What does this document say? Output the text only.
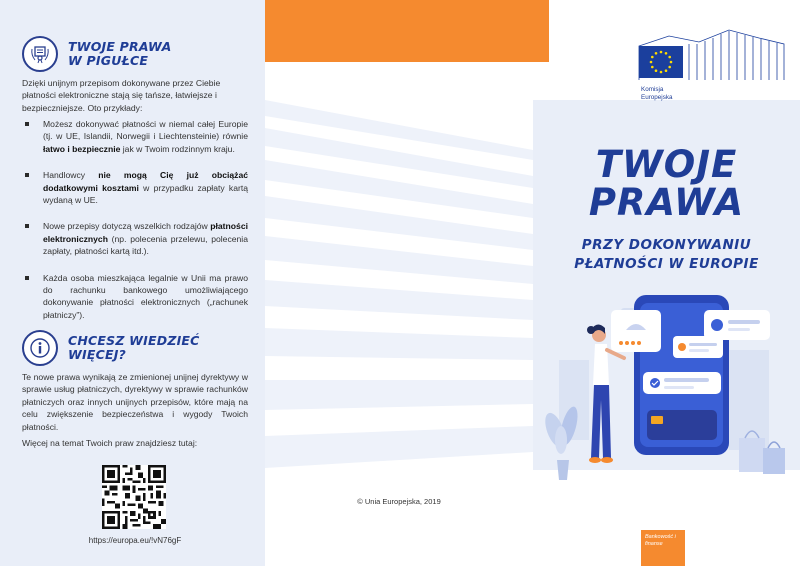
TWOJE PRAWA
W PIGUŁCE

Dzięki unijnym przepisom dokonywane przez Ciebie płatności elektroniczne stają się tańsze, łatwiejsze i bezpieczniejsze. Oto przykłady:

Możesz dokonywać płatności w niemal całej Europie (tj. w UE, Islandii, Norwegii i Liechtensteinie) równie łatwo i bezpiecznie jak w Twoim rodzinnym kraju.
Handlowcy nie mogą Cię już obciążać dodatkowymi kosztami w przypadku zapłaty kartą wydaną w UE.
Nowe przepisy dotyczą wszelkich rodzajów płatności elektronicznych (np. polecenia przelewu, polecenia zapłaty, płatności kartą itd.).
Każda osoba mieszkająca legalnie w Unii ma prawo do rachunku bankowego umożliwiającego dokonywanie płatności elektronicznych („rachunek płatniczy”).
CHCESZ WIEDZIEĆ
WIĘCEJ?

Te nowe prawa wynikają ze zmienionej unijnej dyrektywy w sprawie usług płatniczych, dyrektywy w sprawie rachunków płatniczych oraz innych unijnych przepisów, które mają na celu zwiększenie bezpieczeństwa i wygody Twoich płatności.

Więcej na temat Twoich praw znajdziesz tutaj:

https://europa.eu/!vN76gF

© Unia Europejska, 2019

Komisja
Europejska
TWOJE
PRAWA
PRZY DOKONYWANIU
PŁATNOŚCI W EUROPIE
Bankowość i finanse
